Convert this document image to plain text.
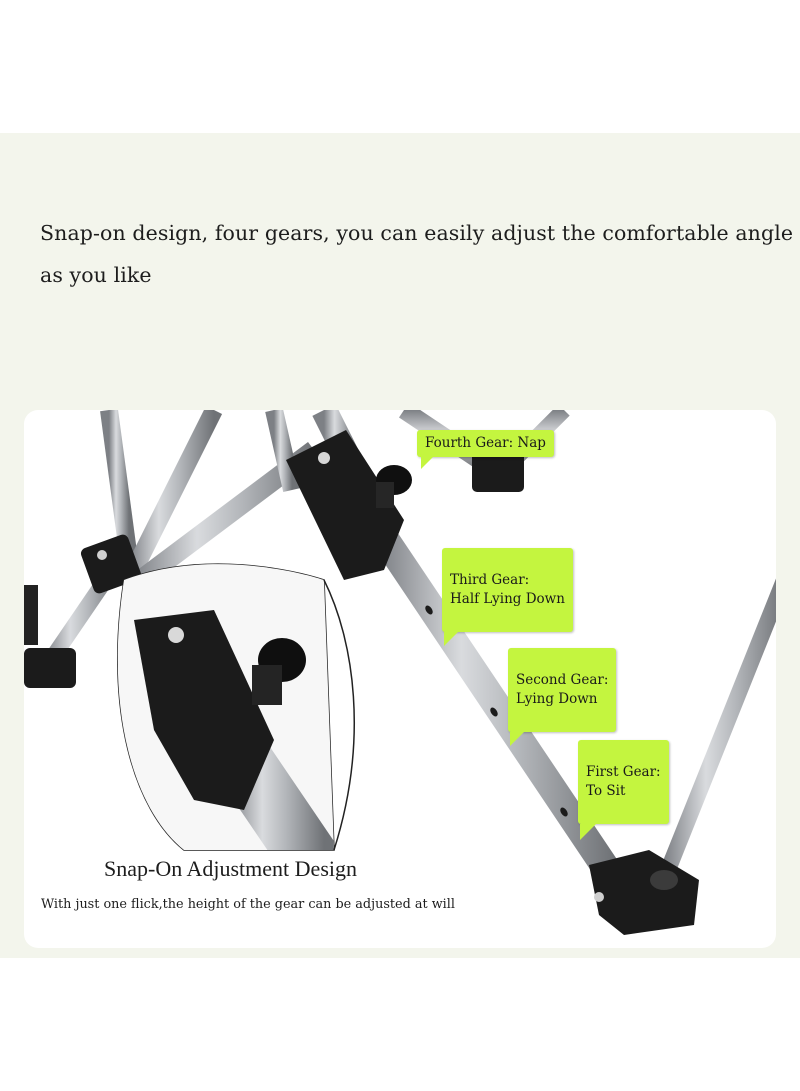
Snap-on design, four gears, you can easily adjust the comfortable angle as you like

Fourth Gear: Nap

Third Gear:
Half Lying Down

Second Gear:
Lying Down

First Gear:
To Sit

Snap-On Adjustment Design

With just one flick,the height of the gear can be adjusted at will
